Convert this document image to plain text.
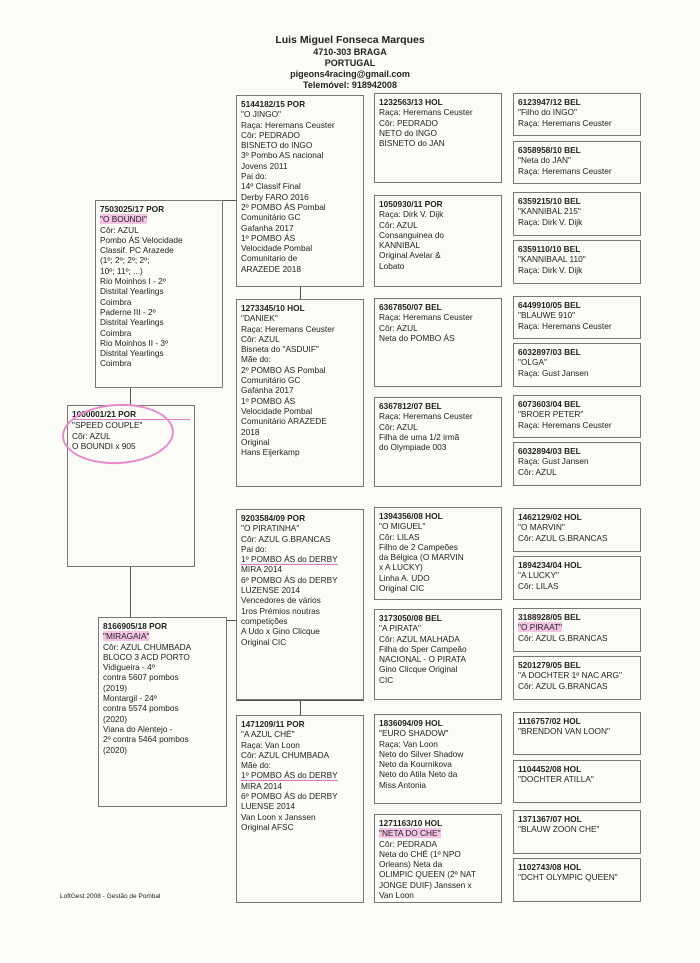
Luis Miguel Fonseca Marques
4710-303 BRAGA
PORTUGAL
pigeons4racing@gmail.com
Telemóvel: 918942008
7503025/17 POR
"O BOUNDI"
Côr: AZUL
Pombo ÁS Velocidade
Classif. PC Arazede
(1º; 2º; 2º; 2º;
10º; 11º; ...)
Rio Moinhos I - 2º
Distrital Yearlings
Coimbra
Paderne III - 2º
Distrital Yearlings
Coimbra
Rio Moinhos II - 3º
Distrital Yearlings
Coimbra
1000001/21 POR
"SPEED COUPLE"
Cõr: AZUL
O BOUNDI x 905
8166905/18 POR
"MIRAGAIA"
Côr: AZUL CHUMBADA
BLOCO 3 ACD PORTO
Vidigueira - 4º
contra 5607 pombos
(2019)
Montargil - 24º
contra 5574 pombos
(2020)
Viana do Alentejo -
2º contra 5464 pombos
(2020)
5144182/15 POR
"O JINGO"
Raça: Heremans Ceuster
Côr: PEDRADO
BISNETO do INGO
3º Pombo AS nacional
Jovens 2011
Pai do:
14º Classif Final
Derby FARO 2016
2º POMBO ÁS Pombal
Comunitário GC
Gafanha 2017
1º POMBO ÁS
Velocidade Pombal
Comunitario de
ARAZEDE 2018
1273345/10 HOL
"DANIEK"
Raça: Heremans Ceuster
Côr: AZUL
Bisneta do "ASDUIF"
Mãe do:
2º POMBO ÁS Pombal
Comunitário GC
Gafanha 2017
1º POMBO ÁS
Velocidade Pombal
Comunitário ARAZEDE
2018
Original
Hans Eijerkamp
9203584/09 POR
"O PIRATINHA"
Côr: AZUL G.BRANCAS
Pai do:
1º POMBO ÁS do DERBY
MIRA 2014
6º POMBO ÁS do DERBY
LUZENSE 2014
Vencedores de vários
1ros Prémios noutras
competições
A Udo x Gino Clicque
Original CIC
1471209/11 POR
"A AZUL CHÉ"
Raça: Van Loon
Côr: AZUL CHUMBADA
Mãe do:
1º POMBO ÁS do DERBY
MIRA 2014
6º POMBO ÁS do DERBY
LUENSE 2014
Van Loon x Janssen
Original AFSC
1232563/13 HOL
Raça: Heremans Ceuster
Côr: PEDRADO
NETO do INGO
BISNETO do JAN
1050930/11 POR
Raça: Dirk V. Dijk
Côr: AZUL
Consanguinea do
KANNIBAL
Original Avelar &
Lobato
6367850/07 BEL
Raça: Heremans Ceuster
Côr: AZUL
Neta do POMBO ÁS
6367812/07 BEL
Raça: Heremans Ceuster
Côr: AZUL
Filha de uma 1/2 irmã
do Olympiade 003
1394356/08 HOL
"O MIGUEL"
Côr: LILAS
Filho de 2 Campeões
da Bélgica (O MARVIN
x A LUCKY)
Linha A. UDO
Original CIC
3173050/08 BEL
"A PIRATA"
Côr: AZUL MALHADA
Filha do Sper Campeão
NACIONAL - O PIRATA
Gino Clicque Original
CIC
1836094/09 HOL
"EURO SHADOW"
Raça: Van Loon
Neto do Silver Shadow
Neto da Kournikova
Neto do Atila Neto da
Miss Antonia
1271163/10 HOL
"NETA DO CHE"
Côr: PEDRADA
Neta do CHÉ (1º NPO
Orleans) Neta da
OLIMPIC QUEEN (2º NAT
JONGE DUIF) Janssen x
Van Loon
6123947/12 BEL
"Filho do INGO"
Raça: Heremans Ceuster
6358958/10 BEL
"Neta do JAN"
Raça: Heremans Ceuster
6359215/10 BEL
"KANNIBAL 215"
Raça: Dirk V. Dijk
6359110/10 BEL
"KANNIBAAL 110"
Raça: Dirk V. Dijk
6449910/05 BEL
"BLAUWE 910"
Raça: Heremans Ceuster
6032897/03 BEL
"OLGA"
Raça: Gust Jansen
6073603/04 BEL
"BROER PETER"
Raça: Heremans Ceuster
6032894/03 BEL
Raça: Gust Jansen
Côr: AZUL
1462129/02 HOL
"O MARVIN"
Côr: AZUL G.BRANCAS
1894234/04 HOL
"A LUCKY"
Côr: LILAS
3188928/05 BEL
"O PIRAAT"
Côr: AZUL G.BRANCAS
5201279/05 BEL
"A DOCHTER 1º NAC ARG"
Côr: AZUL G.BRANCAS
1116757/02 HOL
"BRENDON VAN LOON"
1104452/08 HOL
"DOCHTER ATILLA"
1371367/07 HOL
"BLAUW ZOON CHE"
1102743/08 HOL
"DCHT OLYMPIC QUEEN"
LoftGest 2008 - Gestão de Pombal
